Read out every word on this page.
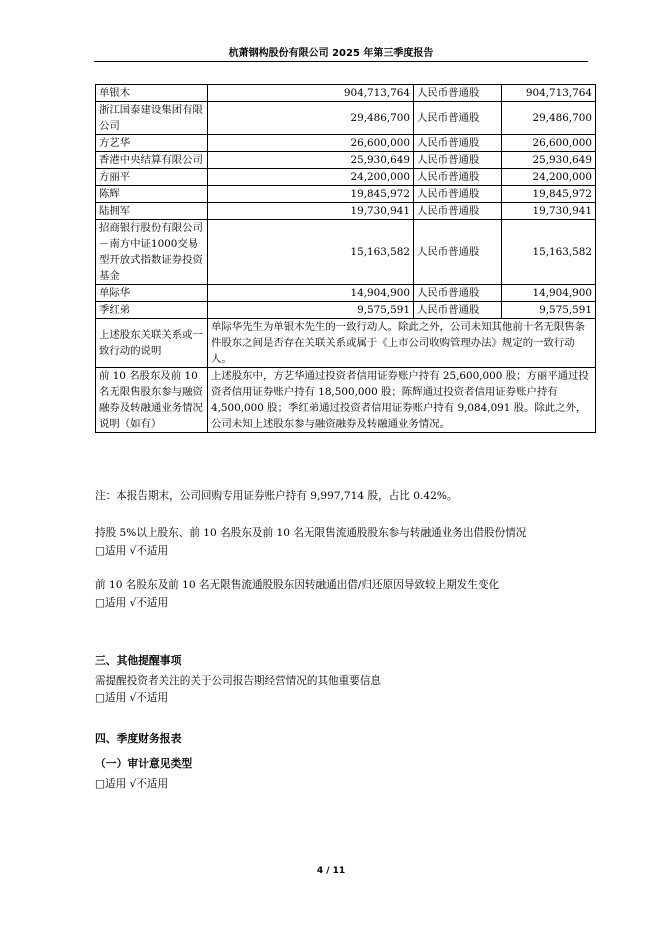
杭萧钢构股份有限公司 2025 年第三季度报告
单银木	904,713,764	人民币普通股	904,713,764
浙江国泰建设集团有限公司	29,486,700	人民币普通股	29,486,700
方艺华	26,600,000	人民币普通股	26,600,000
香港中央结算有限公司	25,930,649	人民币普通股	25,930,649
方丽平	24,200,000	人民币普通股	24,200,000
陈辉	19,845,972	人民币普通股	19,845,972
陆拥军	19,730,941	人民币普通股	19,730,941
招商银行股份有限公司－南方中证1000交易型开放式指数证券投资基金	15,163,582	人民币普通股	15,163,582
单际华	14,904,900	人民币普通股	14,904,900
季红弟	9,575,591	人民币普通股	9,575,591
上述股东关联关系或一致行动的说明	单际华先生为单银木先生的一致行动人。除此之外，公司未知其他前十名无限售条件股东之间是否存在关联关系或属于《上市公司收购管理办法》规定的一致行动人。		
前 10 名股东及前 10 名无限售股东参与融资融券及转融通业务情况说明（如有）	上述股东中，方艺华通过投资者信用证券账户持有 25,600,000 股；方丽平通过投资者信用证券账户持有 18,500,000 股；陈辉通过投资者信用证券账户持有 4,500,000 股；季红弟通过投资者信用证券账户持有 9,084,091 股。除此之外，公司未知上述股东参与融资融券及转融通业务情况。		
注：本报告期末，公司回购专用证券账户持有 9,997,714 股，占比 0.42%。
持股 5%以上股东、前 10 名股东及前 10 名无限售流通股股东参与转融通业务出借股份情况
□适用 √不适用
前 10 名股东及前 10 名无限售流通股股东因转融通出借/归还原因导致较上期发生变化
□适用 √不适用
三、其他提醒事项
需提醒投资者关注的关于公司报告期经营情况的其他重要信息
□适用 √不适用
四、季度财务报表
（一）审计意见类型
□适用 √不适用
4 / 11
